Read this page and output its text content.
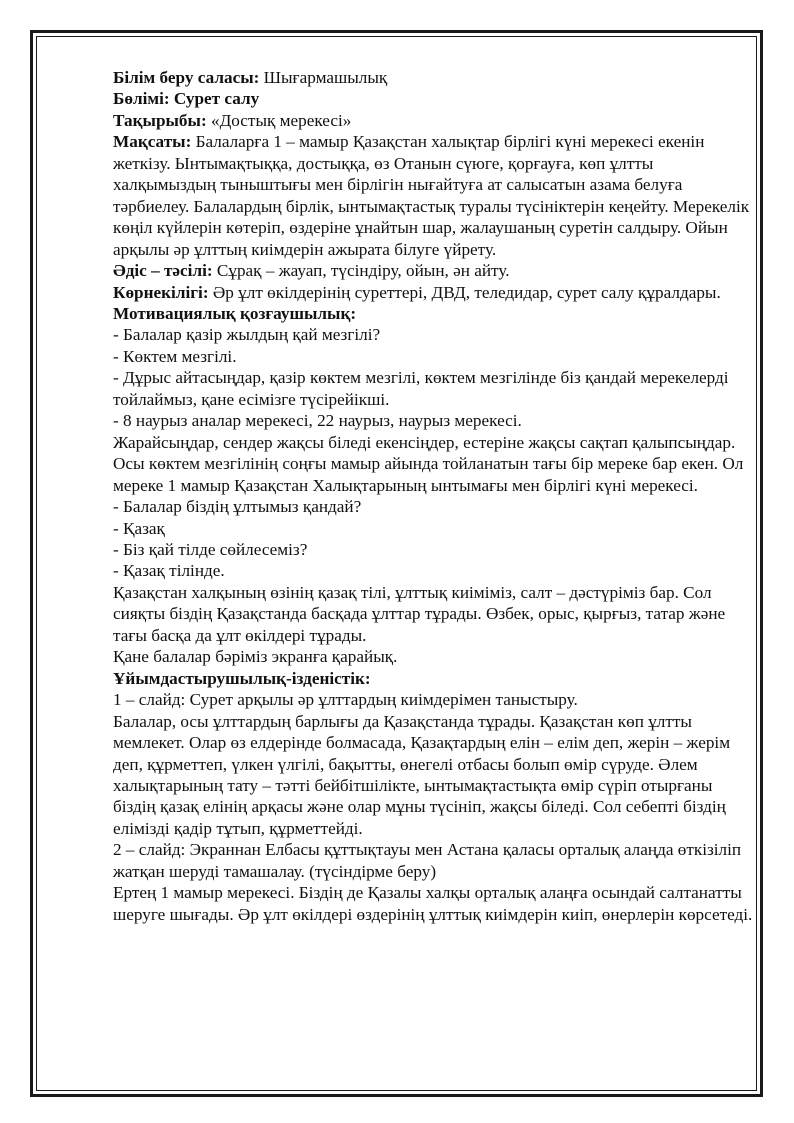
Білім беру саласы: Шығармашылық

Бөлімі: Сурет салу

Тақырыбы: «Достық мерекесі»

Мақсаты: Балаларға 1 – мамыр Қазақстан халықтар бірлігі күні мерекесі екенін жеткізу. Ынтымақтыққа, достыққа, өз Отанын сүюге, қорғауға, көп ұлтты халқымыздың тыныштығы мен бірлігін нығайтуға ат салысатын азама белуға тәрбиелеу. Балалардың бірлік, ынтымақтастық туралы түсініктерін кеңейту. Мерекелік көңіл күйлерін көтеріп, өздеріне ұнайтын шар, жалаушаның суретін салдыру. Ойын арқылы әр ұлттың киімдерін ажырата білуге үйрету.

Әдіс – тәсілі: Сұрақ – жауап, түсіндіру, ойын, ән айту.

Көрнекілігі: Әр ұлт өкілдерінің суреттері, ДВД, теледидар, сурет салу құралдары.

Мотивациялық қозғаушылық:

- Балалар қазір жылдың қай мезгілі?

- Көктем мезгілі.

- Дұрыс айтасыңдар, қазір көктем мезгілі, көктем мезгілінде біз қандай мерекелерді тойлаймыз, қане есімізге түсірейікші.

- 8 наурыз аналар мерекесі, 22 наурыз, наурыз мерекесі.

Жарайсыңдар, сендер жақсы біледі екенсіңдер, естеріне жақсы сақтап қалыпсыңдар. Осы көктем мезгілінің соңғы мамыр айында тойланатын тағы бір мереке бар екен. Ол мереке 1 мамыр Қазақстан Халықтарының ынтымағы мен бірлігі күні мерекесі.

- Балалар біздің ұлтымыз қандай?

- Қазақ

- Біз қай тілде сөйлесеміз?

- Қазақ тілінде.

Қазақстан халқының өзінің қазақ тілі, ұлттық киіміміз, салт – дәстүріміз бар. Сол сияқты біздің Қазақстанда басқада ұлттар тұрады. Өзбек, орыс, қырғыз, татар және тағы басқа да ұлт өкілдері тұрады.

Қане балалар бәріміз экранға қарайық.

Ұйымдастырушылық-ізденістік:

1 – слайд: Сурет арқылы әр ұлттардың киімдерімен таныстыру.

Балалар, осы ұлттардың барлығы да Қазақстанда тұрады. Қазақстан көп ұлтты мемлекет. Олар өз елдерінде болмасада, Қазақтардың елін – елім деп, жерін – жерім деп, құрметтеп, үлкен үлгілі, бақытты, өнегелі отбасы болып өмір сүруде. Әлем халықтарының тату – тәтті бейбітшілікте, ынтымақтастықта өмір сүріп отырғаны біздің қазақ елінің арқасы және олар мұны түсініп, жақсы біледі. Сол себепті біздің елімізді қадір тұтып, құрметтейді.

2 – слайд: Экраннан Елбасы құттықтауы мен Астана қаласы орталық алаңда өткізіліп жатқан шеруді тамашалау. (түсіндірме беру)

Ертең 1 мамыр мерекесі. Біздің де Қазалы халқы орталық алаңға осындай салтанатты шеруге шығады. Әр ұлт өкілдері өздерінің ұлттық киімдерін киіп, өнерлерін көрсетеді.
